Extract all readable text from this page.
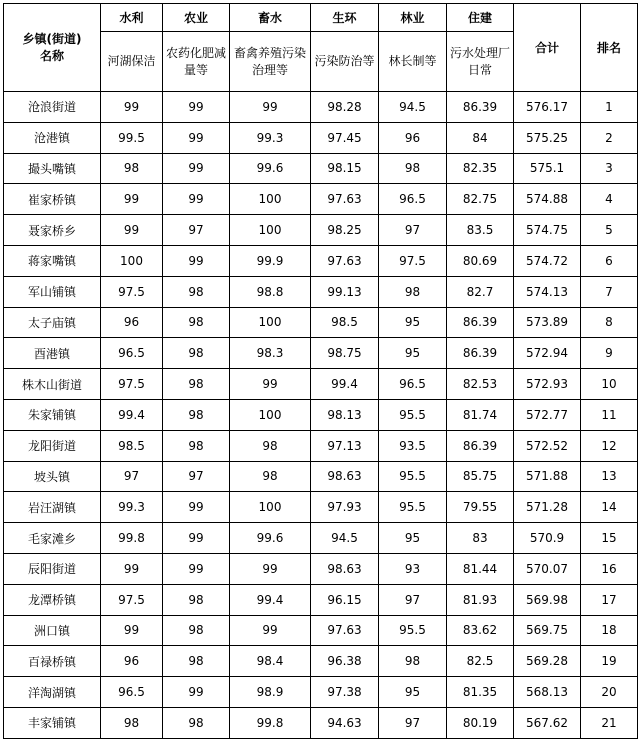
乡镇(街道)
名称	水利	农业	畜水	生环	林业	住建	合计	排名
	河湖保洁	农药化肥减量等	畜禽养殖污染治理等	污染防治等	林长制等	污水处理厂日常		
沧浪街道	99	99	99	98.28	94.5	86.39	576.17	1
沧港镇	99.5	99	99.3	97.45	96	84	575.25	2
撮头嘴镇	98	99	99.6	98.15	98	82.35	575.1	3
崔家桥镇	99	99	100	97.63	96.5	82.75	574.88	4
聂家桥乡	99	97	100	98.25	97	83.5	574.75	5
蒋家嘴镇	100	99	99.9	97.63	97.5	80.69	574.72	6
军山铺镇	97.5	98	98.8	99.13	98	82.7	574.13	7
太子庙镇	96	98	100	98.5	95	86.39	573.89	8
酉港镇	96.5	98	98.3	98.75	95	86.39	572.94	9
株木山街道	97.5	98	99	99.4	96.5	82.53	572.93	10
朱家铺镇	99.4	98	100	98.13	95.5	81.74	572.77	11
龙阳街道	98.5	98	98	97.13	93.5	86.39	572.52	12
坡头镇	97	97	98	98.63	95.5	85.75	571.88	13
岩汪湖镇	99.3	99	100	97.93	95.5	79.55	571.28	14
毛家滩乡	99.8	99	99.6	94.5	95	83	570.9	15
辰阳街道	99	99	99	98.63	93	81.44	570.07	16
龙潭桥镇	97.5	98	99.4	96.15	97	81.93	569.98	17
洲口镇	99	98	99	97.63	95.5	83.62	569.75	18
百禄桥镇	96	98	98.4	96.38	98	82.5	569.28	19
洋淘湖镇	96.5	99	98.9	97.38	95	81.35	568.13	20
丰家铺镇	98	98	99.8	94.63	97	80.19	567.62	21
